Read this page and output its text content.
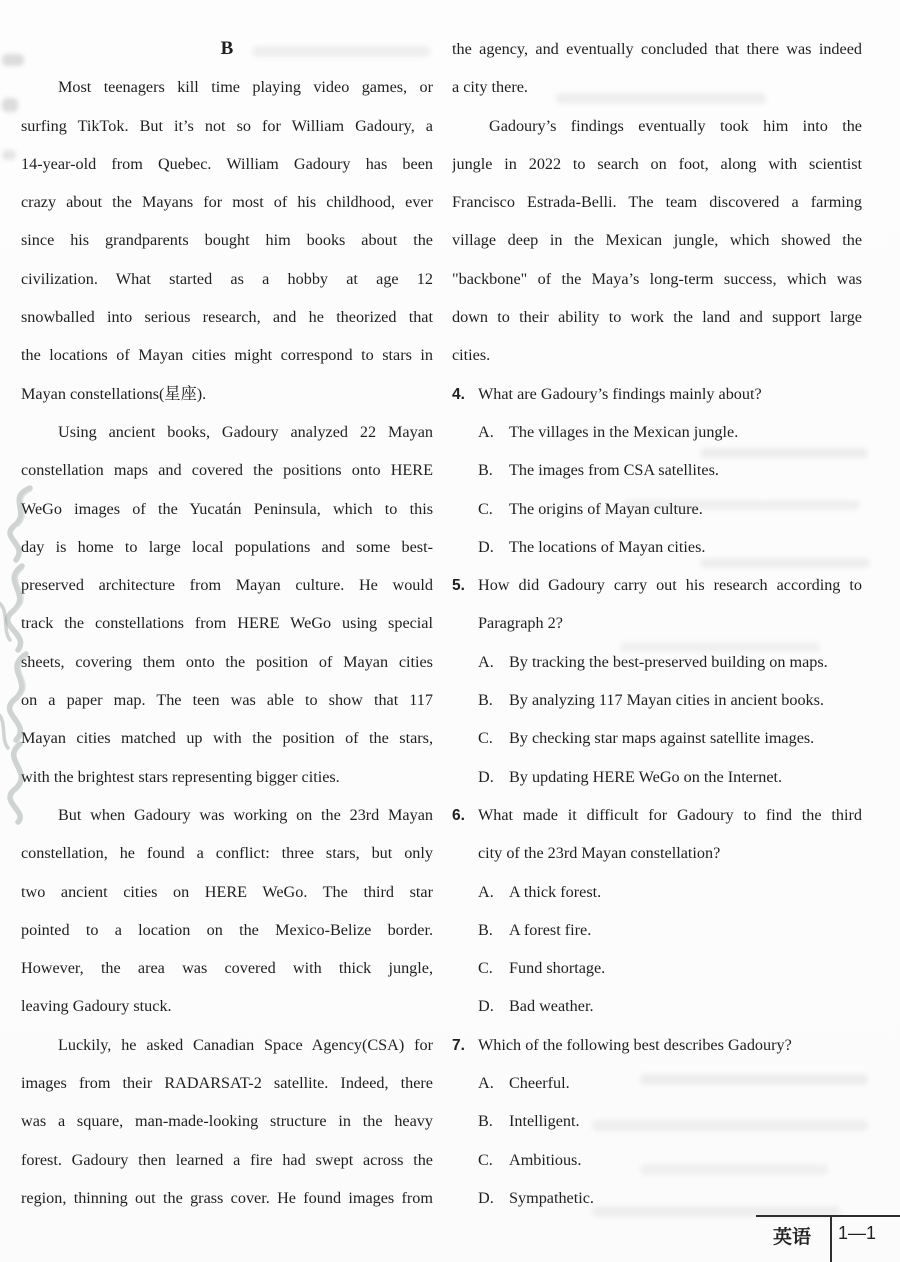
B
Most teenagers kill time playing video games, or
surfing TikTok. But it’s not so for William Gadoury, a
14-year-old from Quebec. William Gadoury has been
crazy about the Mayans for most of his childhood, ever
since his grandparents bought him books about the
civilization. What started as a hobby at age 12
snowballed into serious research, and he theorized that
the locations of Mayan cities might correspond to stars in
Mayan constellations(星座).
Using ancient books, Gadoury analyzed 22 Mayan
constellation maps and covered the positions onto HERE
WeGo images of the Yucatán Peninsula, which to this
day is home to large local populations and some best-
preserved architecture from Mayan culture. He would
track the constellations from HERE WeGo using special
sheets, covering them onto the position of Mayan cities
on a paper map. The teen was able to show that 117
Mayan cities matched up with the position of the stars,
with the brightest stars representing bigger cities.
But when Gadoury was working on the 23rd Mayan
constellation, he found a conflict: three stars, but only
two ancient cities on HERE WeGo. The third star
pointed to a location on the Mexico-Belize border.
However, the area was covered with thick jungle,
leaving Gadoury stuck.
Luckily, he asked Canadian Space Agency(CSA) for
images from their RADARSAT-2 satellite. Indeed, there
was a square, man-made-looking structure in the heavy
forest. Gadoury then learned a fire had swept across the
region, thinning out the grass cover. He found images from
the agency, and eventually concluded that there was indeed
a city there.
Gadoury’s findings eventually took him into the
jungle in 2022 to search on foot, along with scientist
Francisco Estrada-Belli. The team discovered a farming
village deep in the Mexican jungle, which showed the
"backbone" of the Maya’s long-term success, which was
down to their ability to work the land and support large
cities.
4. What are Gadoury’s findings mainly about?
A. The villages in the Mexican jungle.
B. The images from CSA satellites.
C. The origins of Mayan culture.
D. The locations of Mayan cities.
5. How did Gadoury carry out his research according to
Paragraph 2?
A. By tracking the best-preserved building on maps.
B. By analyzing 117 Mayan cities in ancient books.
C. By checking star maps against satellite images.
D. By updating HERE WeGo on the Internet.
6. What made it difficult for Gadoury to find the third
city of the 23rd Mayan constellation?
A. A thick forest.
B. A forest fire.
C. Fund shortage.
D. Bad weather.
7. Which of the following best describes Gadoury?
A. Cheerful.
B. Intelligent.
C. Ambitious.
D. Sympathetic.
英语	1—1
